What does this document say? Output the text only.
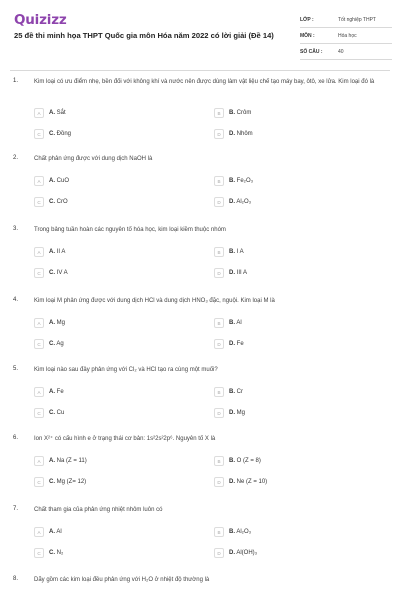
Quizizz
25 đề thi minh họa THPT Quốc gia môn Hóa năm 2022 có lời giải (Đề 14)
LỚP :	Tốt nghiệp THPT
MÔN :	Hóa học
SỐ CÂU :	40
1.	Kim loại có ưu điểm nhẹ, bền đối với không khí và nước nên được dùng làm vật liệu chế tạo máy bay, ôtô, xe lửa. Kim loại đó là
A	A. Sắt	B	B. Crôm
C	C. Đồng	D	D. Nhôm
2.	Chất phản ứng được với dung dịch NaOH là
A	A. CuO	B	B. Fe₂O₃
C	C. CrO	D	D. Al₂O₃
3.	Trong bảng tuần hoàn các nguyên tố hóa học, kim loại kiềm thuộc nhóm
A	A. II A	B	B. I A
C	C. IV A	D	D. III A
4.	Kim loại M phản ứng được với dung dịch HCl và dung dịch HNO₃ đặc, nguội. Kim loại M là
A	A. Mg	B	B. Al
C	C. Ag	D	D. Fe
5.	Kim loại nào sau đây phản ứng với Cl₂ và HCl tạo ra cùng một muối?
A	A. Fe	B	B. Cr
C	C. Cu	D	D. Mg
6.	Ion X²⁺ có cấu hình e ở trạng thái cơ bản: 1s²2s²2p⁶. Nguyên tố X là
A	A. Na (Z = 11)	B	B. O (Z = 8)
C	C. Mg (Z= 12)	D	D. Ne (Z = 10)
7.	Chất tham gia của phản ứng nhiệt nhôm luôn có
A	A. Al	B	B. Al₂O₃
C	C. N₂	D	D. Al(OH)₃
8.	Dãy gồm các kim loại đều phản ứng với H₂O ở nhiệt độ thường là
